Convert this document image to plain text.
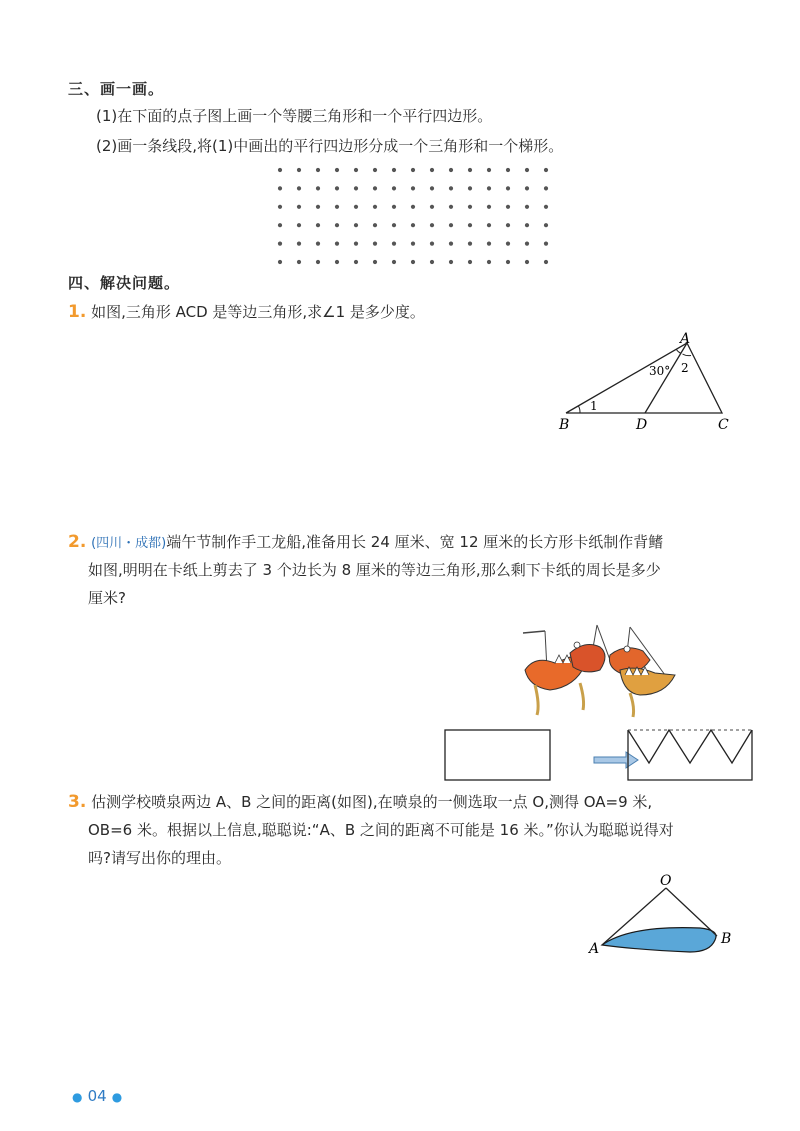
三、画一画。
(1)在下面的点子图上画一个等腰三角形和一个平行四边形。
(2)画一条线段,将(1)中画出的平行四边形分成一个三角形和一个梯形。
四、解决问题。
1. 如图,三角形 ACD 是等边三角形,求∠1 是多少度。
A
B	D	C
30° 2
1
2. (四川・成都)端午节制作手工龙船,准备用长 24 厘米、宽 12 厘米的长方形卡纸制作背鳍
如图,明明在卡纸上剪去了 3 个边长为 8 厘米的等边三角形,那么剩下卡纸的周长是多少
厘米?
3. 估测学校喷泉两边 A、B 之间的距离(如图),在喷泉的一侧选取一点 O,测得 OA=9 米,
OB=6 米。根据以上信息,聪聪说:“A、B 之间的距离不可能是 16 米。”你认为聪聪说得对
吗?请写出你的理由。
O
A
B
● 04 ●
